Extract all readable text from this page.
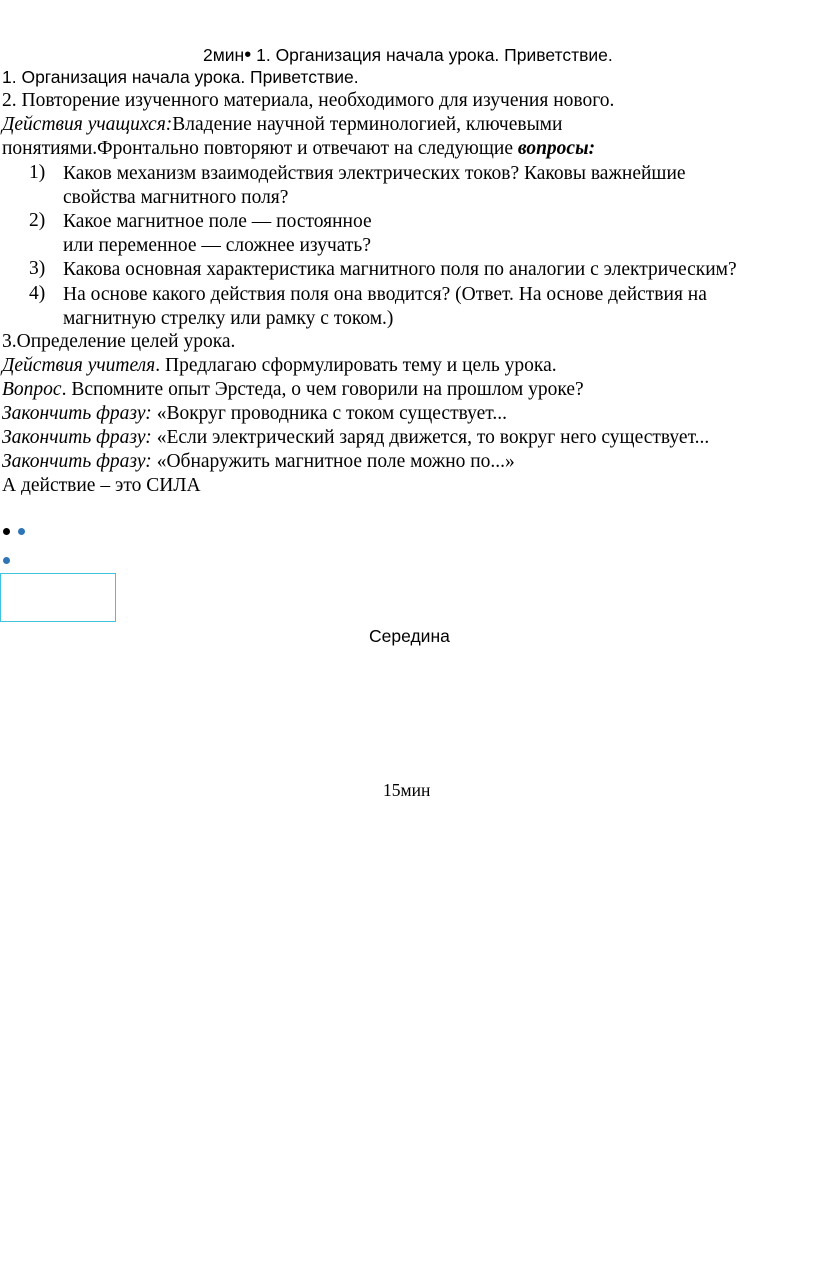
2мин• 1. Организация начала урока. Приветствие.
1. Организация начала урока. Приветствие.
2. Повторение изученного материала, необходимого для изучения нового.
Действия учащихся:Владение научной терминологией, ключевыми
понятиями.Фронтально повторяют и отвечают на следующие вопросы:
1) Каков механизм взаимодействия электрических токов? Каковы важнейшие
свойства магнитного поля?
2) Какое магнитное поле — постоянное
или переменное — сложнее изучать?
3) Какова основная характеристика магнитного поля по аналогии с электрическим?
4) На основе какого действия поля она вводится? (Ответ. На основе действия на
магнитную стрелку или рамку с током.)
3.Определение целей урока.
Действия учителя. Предлагаю сформулировать тему и цель урока.
Вопрос. Вспомните опыт Эрстеда, о чем говорили на прошлом уроке?
Закончить фразу: «Вокруг проводника с током существует...
Закончить фразу: «Если электрический заряд движется, то вокруг него существует...
Закончить фразу: «Обнаружить магнитное поле можно по...»
А действие – это СИЛА
Середина
15мин
